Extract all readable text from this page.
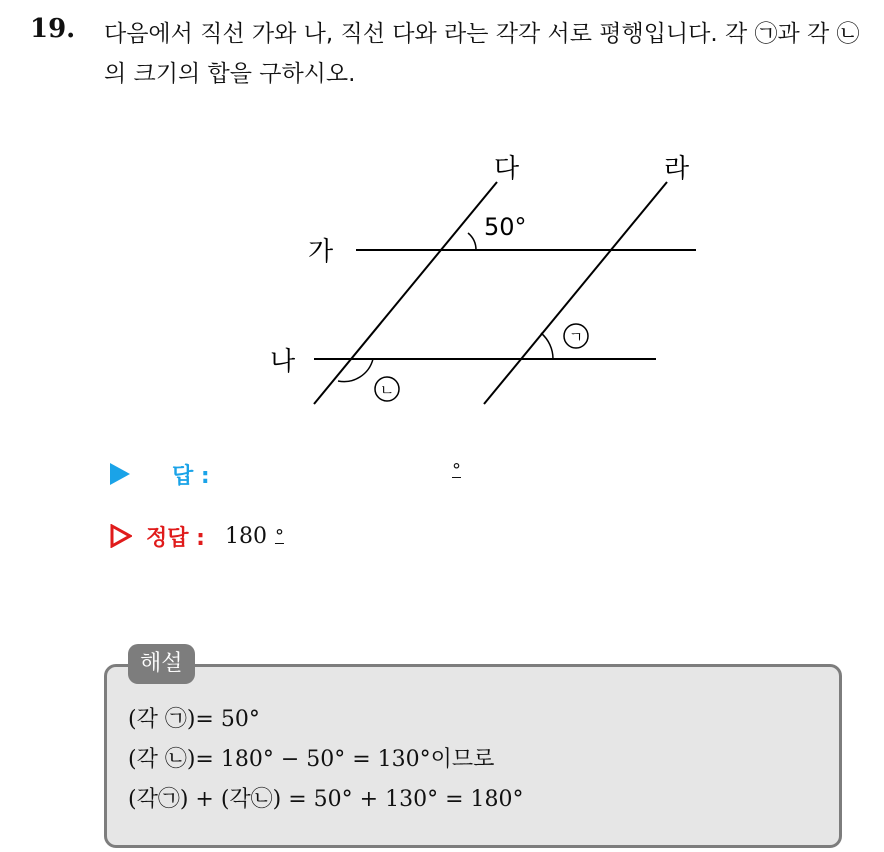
19. 다음에서 직선 가와 나, 직선 다와 라는 각각 서로 평행입니다. 각 ㉠과 각 ㉡의 크기의 합을 구하시오.
다	라
가
나
50°
ㄱ
ㄴ
답 :	°
정답 : 180 °
해설
(각 ㉠)= 50°
(각 ㉡)= 180° − 50° = 130°이므로
(각㉠) + (각㉡) = 50° + 130° = 180°
